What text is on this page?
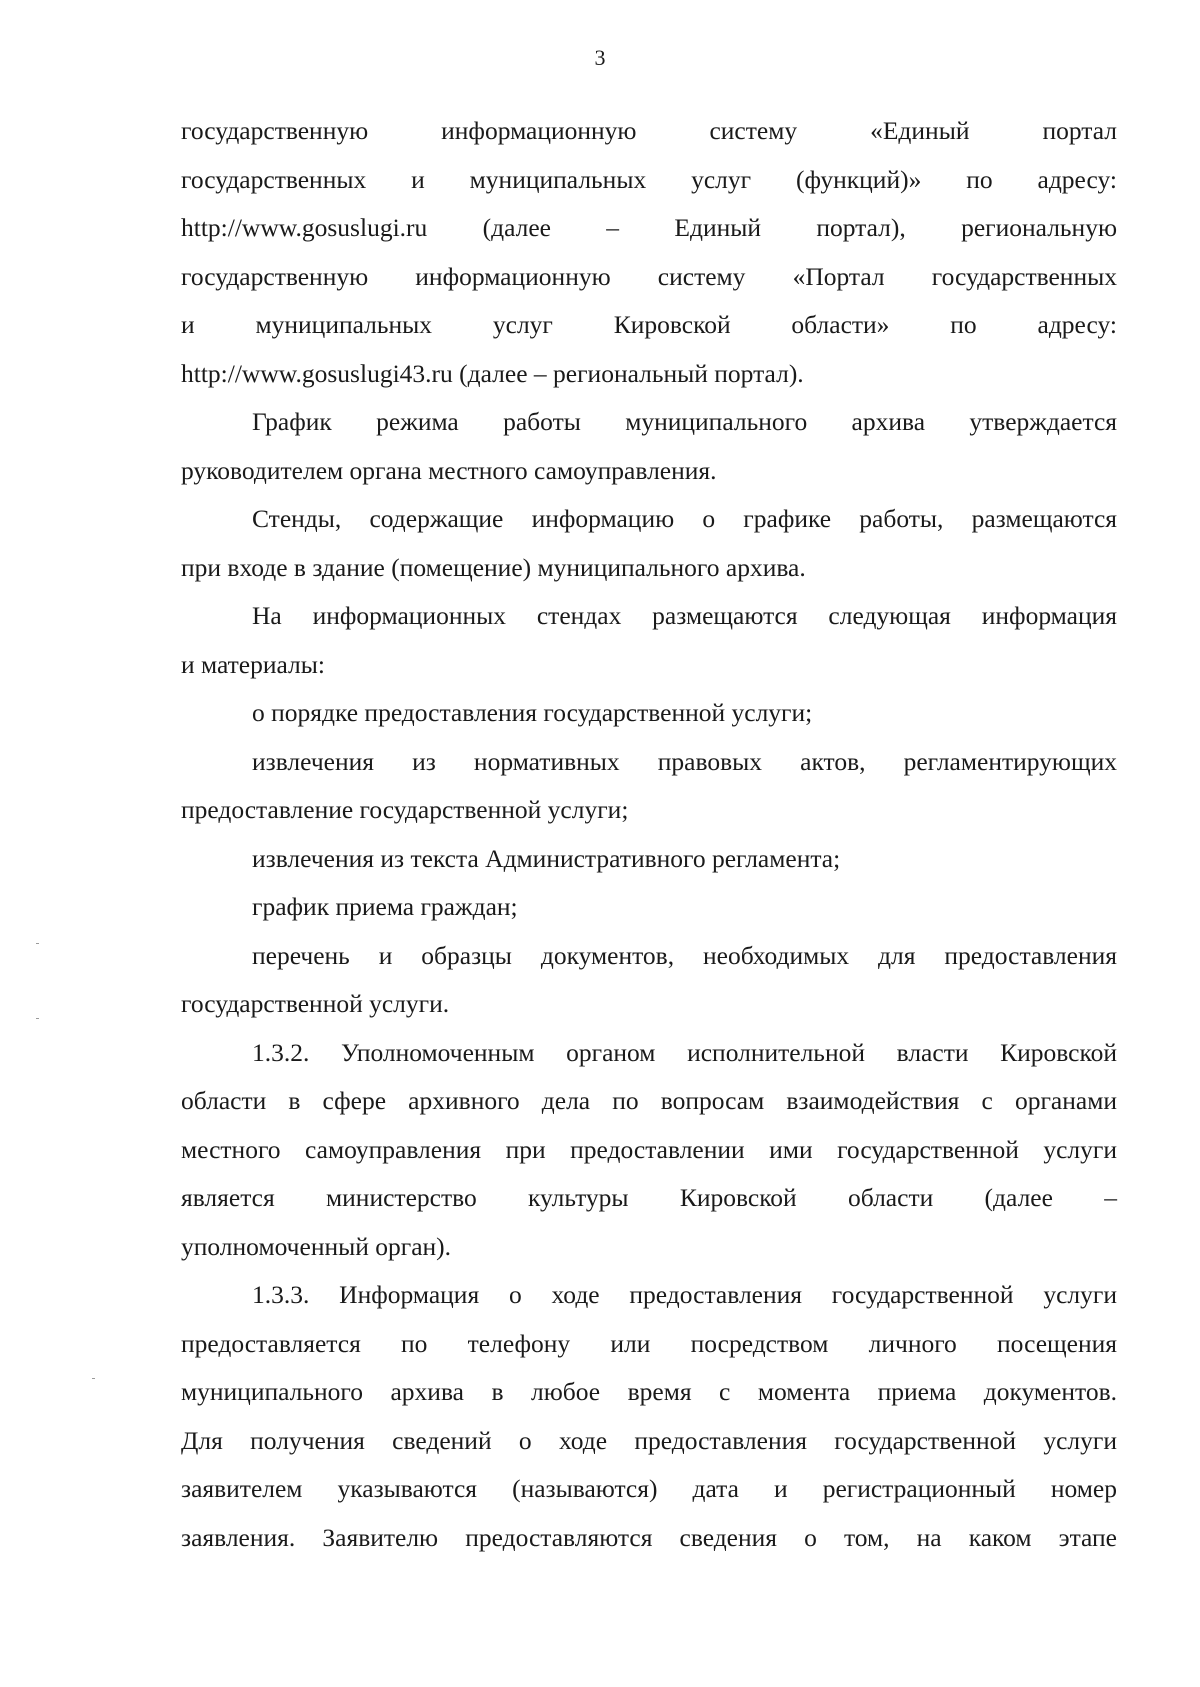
3

государственную информационную систему «Единый портал
государственных и муниципальных услуг (функций)» по адресу:
http://www.gosuslugi.ru (далее – Единый портал), региональную
государственную информационную систему «Портал государственных
и муниципальных услуг Кировской области» по адресу:
http://www.gosuslugi43.ru (далее – региональный портал).

График режима работы муниципального архива утверждается
руководителем органа местного самоуправления.

Стенды, содержащие информацию о графике работы, размещаются
при входе в здание (помещение) муниципального архива.

На информационных стендах размещаются следующая информация
и материалы:

о порядке предоставления государственной услуги;

извлечения из нормативных правовых актов, регламентирующих
предоставление государственной услуги;

извлечения из текста Административного регламента;

график приема граждан;

перечень и образцы документов, необходимых для предоставления
государственной услуги.

1.3.2. Уполномоченным органом исполнительной власти Кировской
области в сфере архивного дела по вопросам взаимодействия с органами
местного самоуправления при предоставлении ими государственной услуги
является министерство культуры Кировской области (далее –
уполномоченный орган).

1.3.3. Информация о ходе предоставления государственной услуги
предоставляется по телефону или посредством личного посещения
муниципального архива в любое время с момента приема документов.
Для получения сведений о ходе предоставления государственной услуги
заявителем указываются (называются) дата и регистрационный номер
заявления. Заявителю предоставляются сведения о том, на каком этапе
